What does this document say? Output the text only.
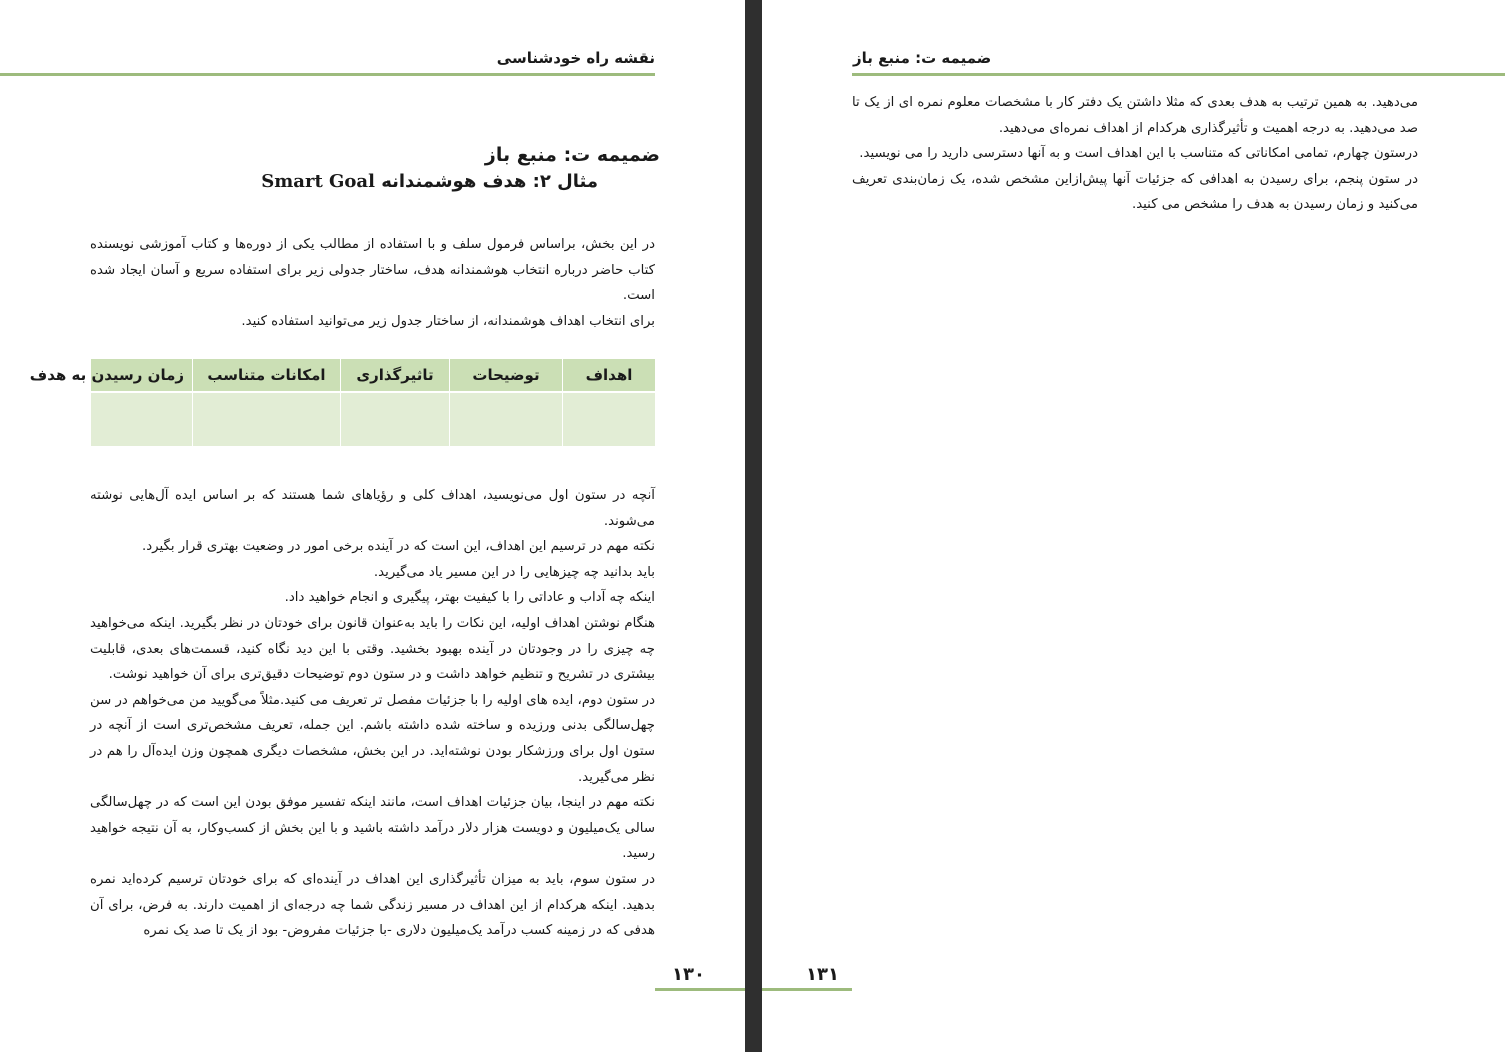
نقشه راه خودشناسی
ضمیمه ت: منبع باز
مثال ۲: هدف هوشمندانه Smart Goal

در این بخش، براساس فرمول سلف و با استفاده از مطالب یکی از دوره‌ها و کتاب آموزشی نویسنده کتاب حاضر درباره انتخاب هوشمندانه هدف، ساختار جدولی زیر برای استفاده سریع و آسان ایجاد شده است.

برای انتخاب اهداف هوشمندانه، از ساختار جدول زیر می‌توانید استفاده کنید.

اهداف	توضیحات	تاثیرگذاری	امکانات متناسب	زمان رسیدن به هدف

آنچه در ستون اول می‌نویسید، اهداف کلی و رؤیاهای شما هستند که بر اساس ایده آل‌هایی نوشته می‌شوند.

نکته مهم در ترسیم این اهداف، این است که در آینده برخی امور در وضعیت بهتری قرار بگیرد.

باید بدانید چه چیزهایی را در این مسیر یاد می‌گیرید.

اینکه چه آداب و عاداتی را با کیفیت بهتر، پیگیری و انجام خواهید داد.

هنگام نوشتن اهداف اولیه، این نکات را باید به‌عنوان قانون برای خودتان در نظر بگیرید. اینکه می‌خواهید چه چیزی را در وجودتان در آینده بهبود بخشید. وقتی با این دید نگاه کنید، قسمت‌های بعدی، قابلیت بیشتری در تشریح و تنظیم خواهد داشت و در ستون دوم توضیحات دقیق‌تری برای آن خواهید نوشت.

در ستون دوم، ایده های اولیه را با جزئیات مفصل تر تعریف می کنید.مثلاً می‌گویید من می‌خواهم در سن چهل‌سالگی بدنی ورزیده و ساخته شده داشته باشم. این جمله، تعریف مشخص‌تری است از آنچه در ستون اول برای ورزشکار بودن نوشته‌اید. در این بخش، مشخصات دیگری همچون وزن ایده‌آل را هم در نظر می‌گیرید.

نکته مهم در اینجا، بیان جزئیات اهداف است، مانند اینکه تفسیر موفق بودن این است که در چهل‌سالگی سالی یک‌میلیون و دویست هزار دلار درآمد داشته باشید و با این بخش از کسب‌وکار، به آن نتیجه خواهید رسید.

در ستون سوم، باید به میزان تأثیرگذاری این اهداف در آینده‌ای که برای خودتان ترسیم کرده‌اید نمره بدهید. اینکه هرکدام از این اهداف در مسیر زندگی شما چه درجه‌ای از اهمیت دارند. به فرض، برای آن هدفی که در زمینه کسب درآمد یک‌میلیون دلاری -با جزئیات مفروض- بود از یک تا صد یک نمره

۱۳۰
ضمیمه ت: منبع باز

می‌دهید. به همین ترتیب به هدف بعدی که مثلا داشتن یک دفتر کار با مشخصات معلوم نمره ای از یک تا صد می‌دهید. به درجه اهمیت و تأثیرگذاری هرکدام از اهداف نمره‌ای می‌دهید.

درستون چهارم، تمامی امکاناتی که متناسب با این اهداف است و به آنها دسترسی دارید را می نویسید.

در ستون پنجم، برای رسیدن به اهدافی که جزئیات آنها پیش‌ازاین مشخص شده، یک زمان‌بندی تعریف می‌کنید و زمان رسیدن به هدف را مشخص می کنید.

۱۳۱
